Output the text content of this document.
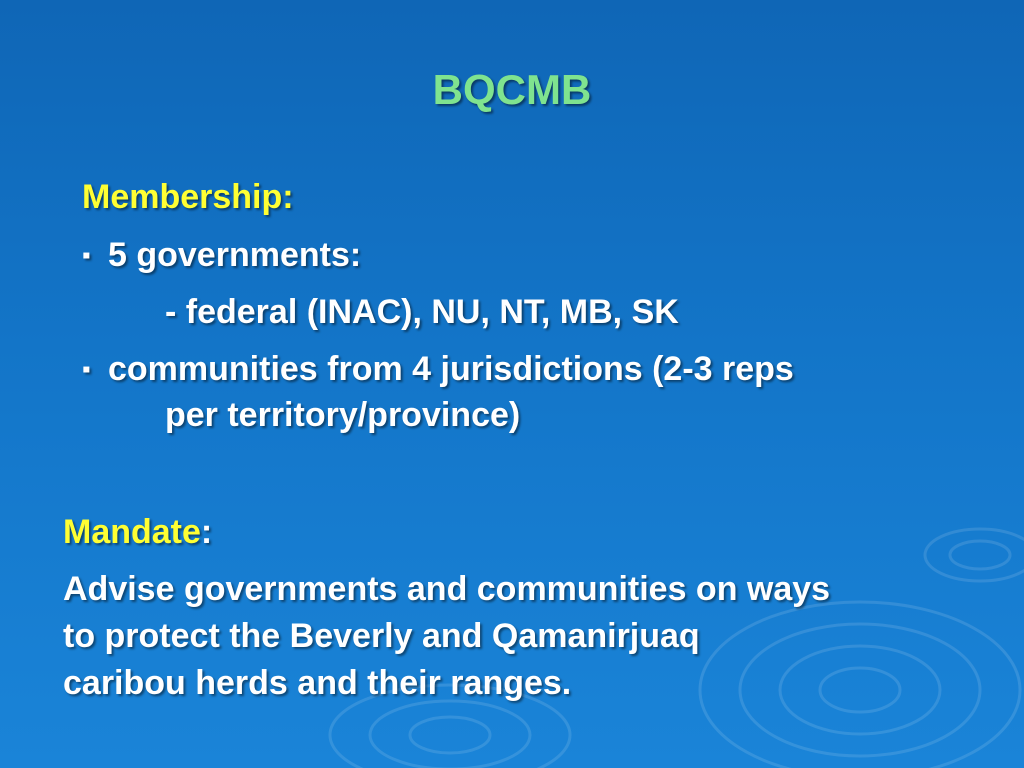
BQCMB
Membership:
▪ 5 governments:
- federal (INAC), NU, NT, MB, SK
▪ communities from 4 jurisdictions (2-3 reps
per territory/province)
Mandate:
Advise governments and communities on ways
to protect the Beverly and Qamanirjuaq
caribou herds and their ranges.
